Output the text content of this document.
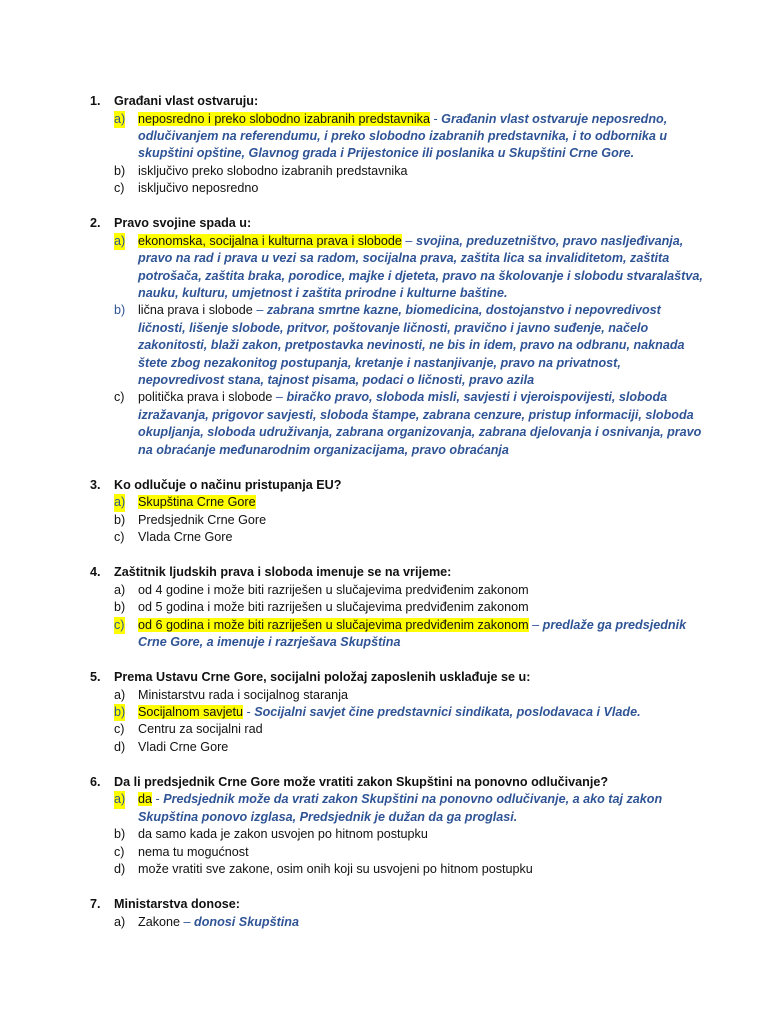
1. Građani vlast ostvaruju:
a) neposredno i preko slobodno izabranih predstavnika - Građanin vlast ostvaruje neposredno, odlučivanjem na referendumu, i preko slobodno izabranih predstavnika, i to odbornika u skupštini opštine, Glavnog grada i Prijestonice ili poslanika u Skupštini Crne Gore.
b) isključivo preko slobodno izabranih predstavnika
c) isključivo neposredno
2. Pravo svojine spada u:
a) ekonomska, socijalna i kulturna prava i slobode – svojina, preduzetništvo, pravo nasljeđivanja, pravo na rad i prava u vezi sa radom, socijalna prava, zaštita lica sa invaliditetom, zaštita potrošača, zaštita braka, porodice, majke i djeteta, pravo na školovanje i slobodu stvaralaštva, nauku, kulturu, umjetnost i zaštita prirodne i kulturne baštine.
b) lična prava i slobode – zabrana smrtne kazne, biomedicina, dostojanstvo i nepovredivost ličnosti, lišenje slobode, pritvor, poštovanje ličnosti, pravično i javno suđenje, načelo zakonitosti, blaži zakon, pretpostavka nevinosti, ne bis in idem, pravo na odbranu, naknada štete zbog nezakonitog postupanja, kretanje i nastanjivanje, pravo na privatnost, nepovredivost stana, tajnost pisama, podaci o ličnosti, pravo azila
c) politička prava i slobode – biračko pravo, sloboda misli, savjesti i vjeroispovijesti, sloboda izražavanja, prigovor savjesti, sloboda štampe, zabrana cenzure, pristup informaciji, sloboda okupljanja, sloboda udruživanja, zabrana organizovanja, zabrana djelovanja i osnivanja, pravo na obraćanje međunarodnim organizacijama, pravo obraćanja
3. Ko odlučuje o načinu pristupanja EU?
a) Skupština Crne Gore
b) Predsjednik Crne Gore
c) Vlada Crne Gore
4. Zaštitnik ljudskih prava i sloboda imenuje se na vrijeme:
a) od 4 godine i može biti razriješen u slučajevima predviđenim zakonom
b) od 5 godina i može biti razriješen u slučajevima predviđenim zakonom
c) od 6 godina i može biti razriješen u slučajevima predviđenim zakonom – predlaže ga predsjednik Crne Gore, a imenuje i razrješava Skupština
5. Prema Ustavu Crne Gore, socijalni položaj zaposlenih usklađuje se u:
a) Ministarstvu rada i socijalnog staranja
b) Socijalnom savjetu - Socijalni savjet čine predstavnici sindikata, poslodavaca i Vlade.
c) Centru za socijalni rad
d) Vladi Crne Gore
6. Da li predsjednik Crne Gore može vratiti zakon Skupštini na ponovno odlučivanje?
a) da - Predsjednik može da vrati zakon Skupštini na ponovno odlučivanje, a ako taj zakon Skupština ponovo izglasa, Predsjednik je dužan da ga proglasi.
b) da samo kada je zakon usvojen po hitnom postupku
c) nema tu mogućnost
d) može vratiti sve zakone, osim onih koji su usvojeni po hitnom postupku
7. Ministarstva donose:
a) Zakone – donosi Skupština
